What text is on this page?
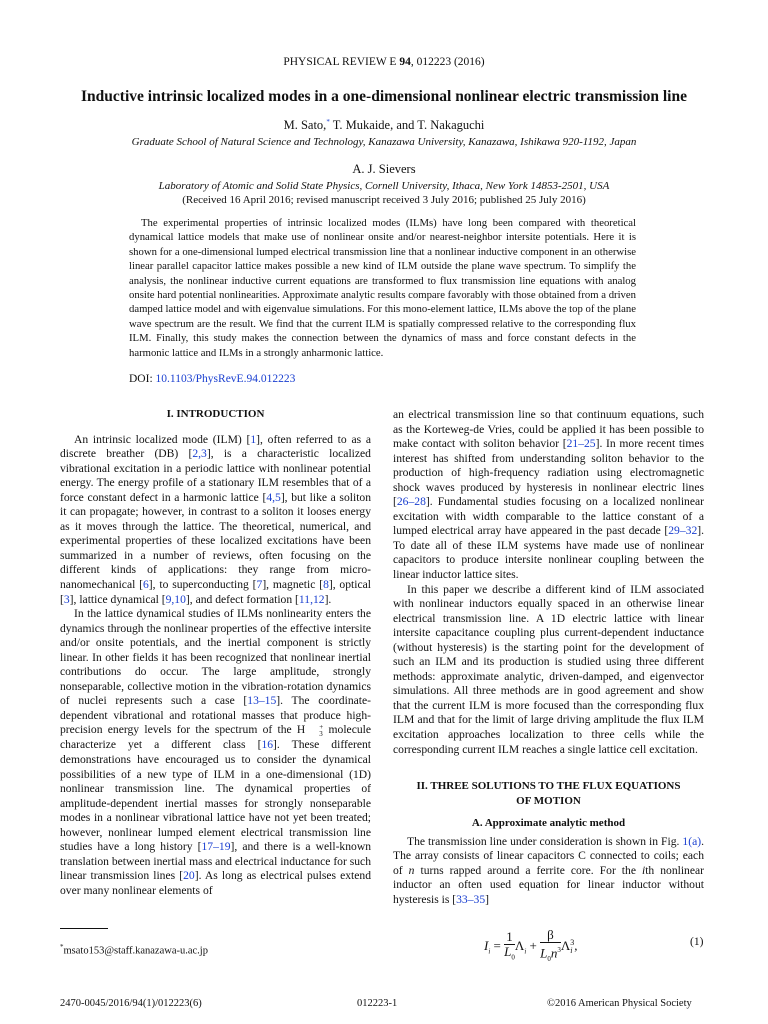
PHYSICAL REVIEW E 94, 012223 (2016)
Inductive intrinsic localized modes in a one-dimensional nonlinear electric transmission line
M. Sato,* T. Mukaide, and T. Nakaguchi
Graduate School of Natural Science and Technology, Kanazawa University, Kanazawa, Ishikawa 920-1192, Japan
A. J. Sievers
Laboratory of Atomic and Solid State Physics, Cornell University, Ithaca, New York 14853-2501, USA
(Received 16 April 2016; revised manuscript received 3 July 2016; published 25 July 2016)
The experimental properties of intrinsic localized modes (ILMs) have long been compared with theoretical dynamical lattice models that make use of nonlinear onsite and/or nearest-neighbor intersite potentials. Here it is shown for a one-dimensional lumped electrical transmission line that a nonlinear inductive component in an otherwise linear parallel capacitor lattice makes possible a new kind of ILM outside the plane wave spectrum. To simplify the analysis, the nonlinear inductive current equations are transformed to flux transmission line equations with analog onsite hard potential nonlinearities. Approximate analytic results compare favorably with those obtained from a driven damped lattice model and with eigenvalue simulations. For this mono-element lattice, ILMs above the top of the plane wave spectrum are the result. We find that the current ILM is spatially compressed relative to the corresponding flux ILM. Finally, this study makes the connection between the dynamics of mass and force constant defects in the harmonic lattice and ILMs in a strongly anharmonic lattice.
DOI: 10.1103/PhysRevE.94.012223
I. INTRODUCTION

An intrinsic localized mode (ILM) [1], often referred to as a discrete breather (DB) [2,3], is a characteristic localized vibrational excitation in a periodic lattice with nonlinear potential energy. The energy profile of a stationary ILM resembles that of a force constant defect in a harmonic lattice [4,5], but like a soliton it can propagate; however, in contrast to a soliton it looses energy as it moves through the lattice. The theoretical, numerical, and experimental properties of these localized excitations have been summarized in a number of reviews, often focusing on the different kinds of applications: they range from micro-nanomechanical [6], to superconducting [7], magnetic [8], optical [3], lattice dynamical [9,10], and defect formation [11,12].

In the lattice dynamical studies of ILMs nonlinearity enters the dynamics through the nonlinear properties of the effective intersite and/or onsite potentials, and the inertial component is strictly linear. In other fields it has been recognized that nonlinear inertial contributions do occur. The large amplitude, strongly nonseparable, collective motion in the vibration-rotation dynamics of nuclei represents such a case [13–15]. The coordinate-dependent vibrational and rotational masses that produce high-precision energy levels for the spectrum of the H	+
3 molecule characterize yet a different class [16]. These different demonstrations have encouraged us to consider the dynamical possibilities of a new type of ILM in a one-dimensional (1D) nonlinear transmission line. The dynamical properties of amplitude-dependent inertial masses for strongly nonseparable modes in a nonlinear vibrational lattice have not yet been treated; however, nonlinear lumped element electrical transmission line studies have a long history [17–19], and there is a well-known translation between inertial mass and electrical inductance for such linear transmission lines [20]. As long as electrical pulses extend over many nonlinear elements of

an electrical transmission line so that continuum equations, such as the Korteweg-de Vries, could be applied it has been possible to make contact with soliton behavior [21–25]. In more recent times interest has shifted from understanding soliton behavior to the production of high-frequency radiation using electromagnetic shock waves produced by hysteresis in nonlinear electric lines [26–28]. Fundamental studies focusing on a localized nonlinear excitation with width comparable to the lattice constant of a lumped electrical array have appeared in the past decade [29–32]. To date all of these ILM systems have made use of nonlinear capacitors to produce intersite nonlinear coupling between the linear inductor lattice sites.

In this paper we describe a different kind of ILM associated with nonlinear inductors equally spaced in an otherwise linear electrical transmission line. A 1D electric lattice with linear intersite capacitance coupling plus current-dependent inductance (without hysteresis) is the starting point for the development of such an ILM and its production is studied using three different methods: approximate analytic, driven-damped, and eigenvector simulations. All three methods are in good agreement and show that the current ILM is more focused than the corresponding flux ILM and that for the limit of large driving amplitude the flux ILM excitation approaches localization to three cells while the corresponding current ILM reaches a single lattice cell excitation.

II. THREE SOLUTIONS TO THE FLUX EQUATIONS
OF MOTION
A. Approximate analytic method

The transmission line under consideration is shown in Fig. 1(a). The array consists of linear capacitors C connected to coils; each of n turns rapped around a ferrite core. For the ith nonlinear inductor an often used equation for linear inductor without hysteresis is [33–35]

$I_i = \frac{1}{L_0} \Lambda_i + \frac{\beta}{L_0n^3}$ Λ 3
i ,	(1)
*msato153@staff.kanazawa-u.ac.jp
2470-0045/2016/94(1)/012223(6)	012223-1	©2016 American Physical Society
